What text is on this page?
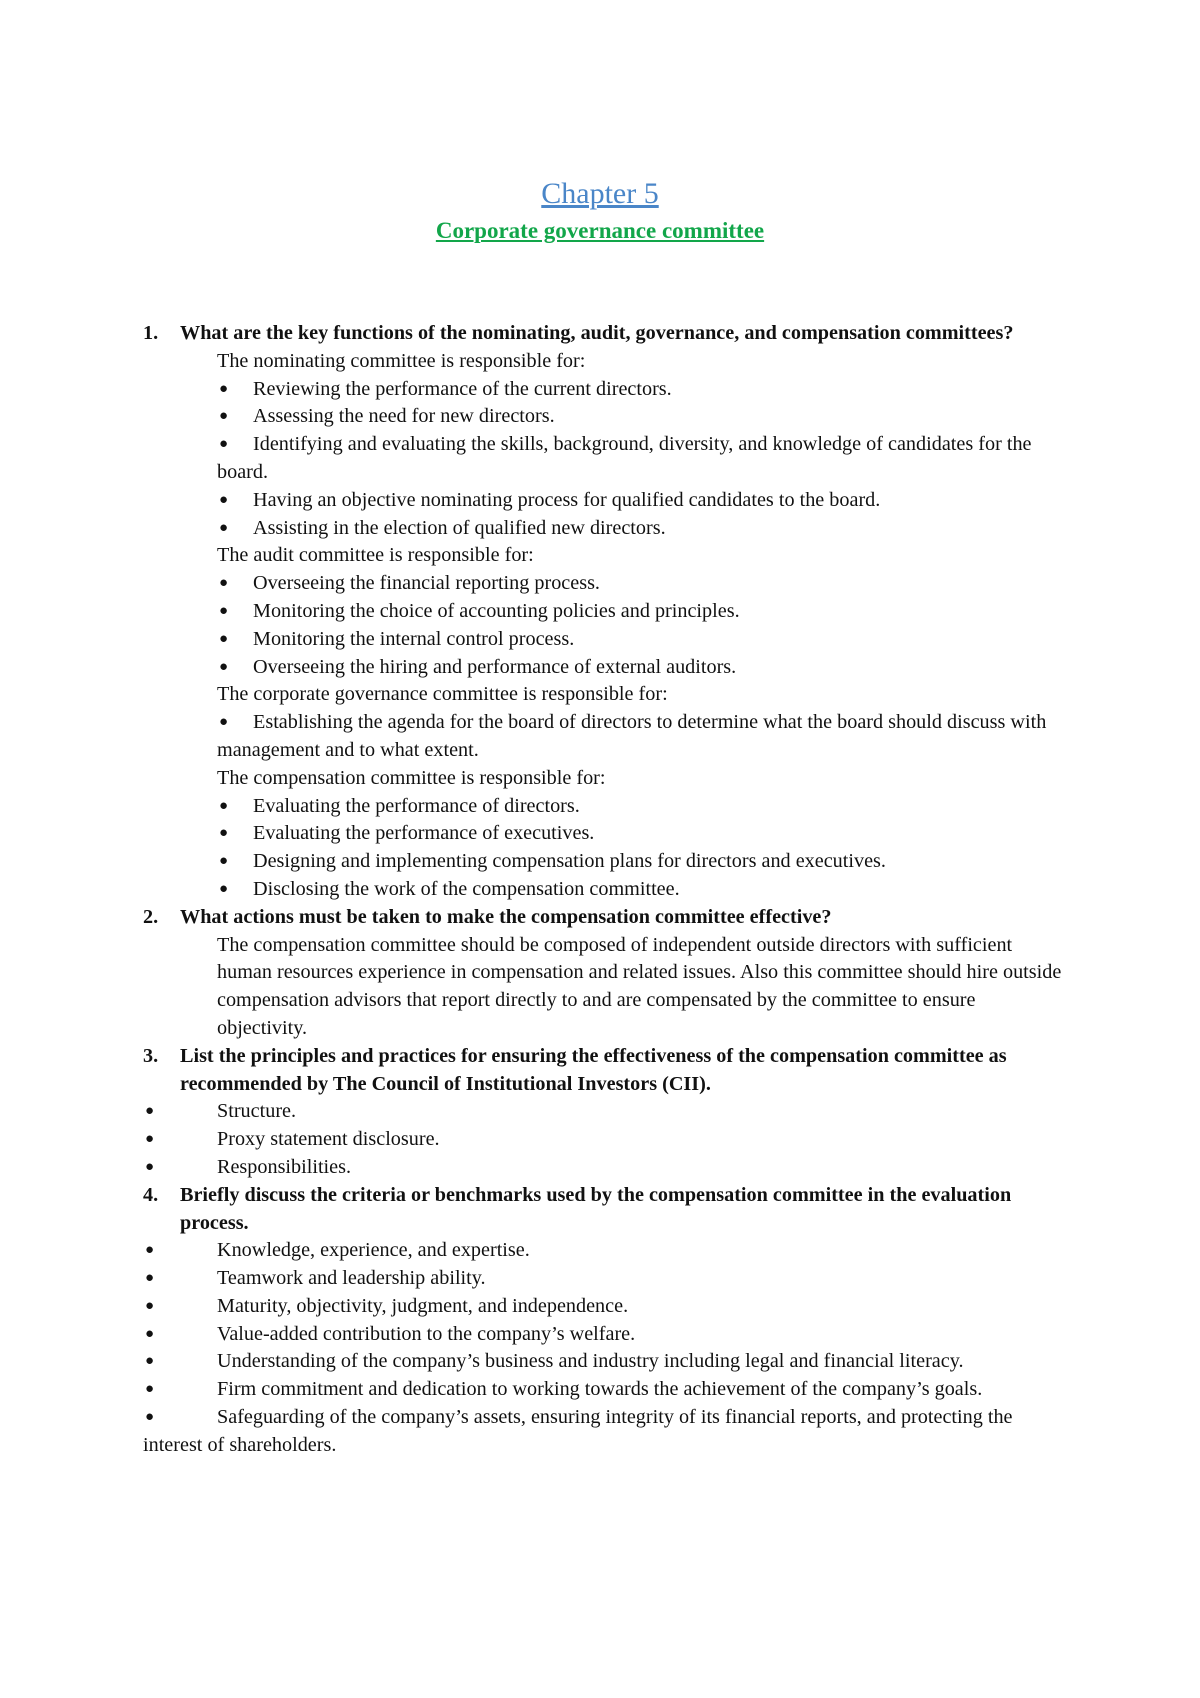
Chapter 5
Corporate governance committee
1.	What are the key functions of the nominating, audit, governance, and compensation committees?
The nominating committee is responsible for:
● Reviewing the performance of the current directors.
● Assessing the need for new directors.
● Identifying and evaluating the skills, background, diversity, and knowledge of candidates for the board.
● Having an objective nominating process for qualified candidates to the board.
● Assisting in the election of qualified new directors.
The audit committee is responsible for:
● Overseeing the financial reporting process.
● Monitoring the choice of accounting policies and principles.
● Monitoring the internal control process.
● Overseeing the hiring and performance of external auditors.
The corporate governance committee is responsible for:
● Establishing the agenda for the board of directors to determine what the board should discuss with management and to what extent.
The compensation committee is responsible for:
● Evaluating the performance of directors.
● Evaluating the performance of executives.
● Designing and implementing compensation plans for directors and executives.
● Disclosing the work of the compensation committee.
2.	What actions must be taken to make the compensation committee effective?
The compensation committee should be composed of independent outside directors with sufficient human resources experience in compensation and related issues. Also this committee should hire outside compensation advisors that report directly to and are compensated by the committee to ensure objectivity.
3.	List the principles and practices for ensuring the effectiveness of the compensation committee as recommended by The Council of Institutional Investors (CII).
●	Structure.
●	Proxy statement disclosure.
●	Responsibilities.
4.	Briefly discuss the criteria or benchmarks used by the compensation committee in the evaluation process.
●	Knowledge, experience, and expertise.
●	Teamwork and leadership ability.
●	Maturity, objectivity, judgment, and independence.
●	Value-added contribution to the company’s welfare.
●	Understanding of the company’s business and industry including legal and financial literacy.
●	Firm commitment and dedication to working towards the achievement of the company’s goals.
●	Safeguarding of the company’s assets, ensuring integrity of its financial reports, and protecting the interest of shareholders.
